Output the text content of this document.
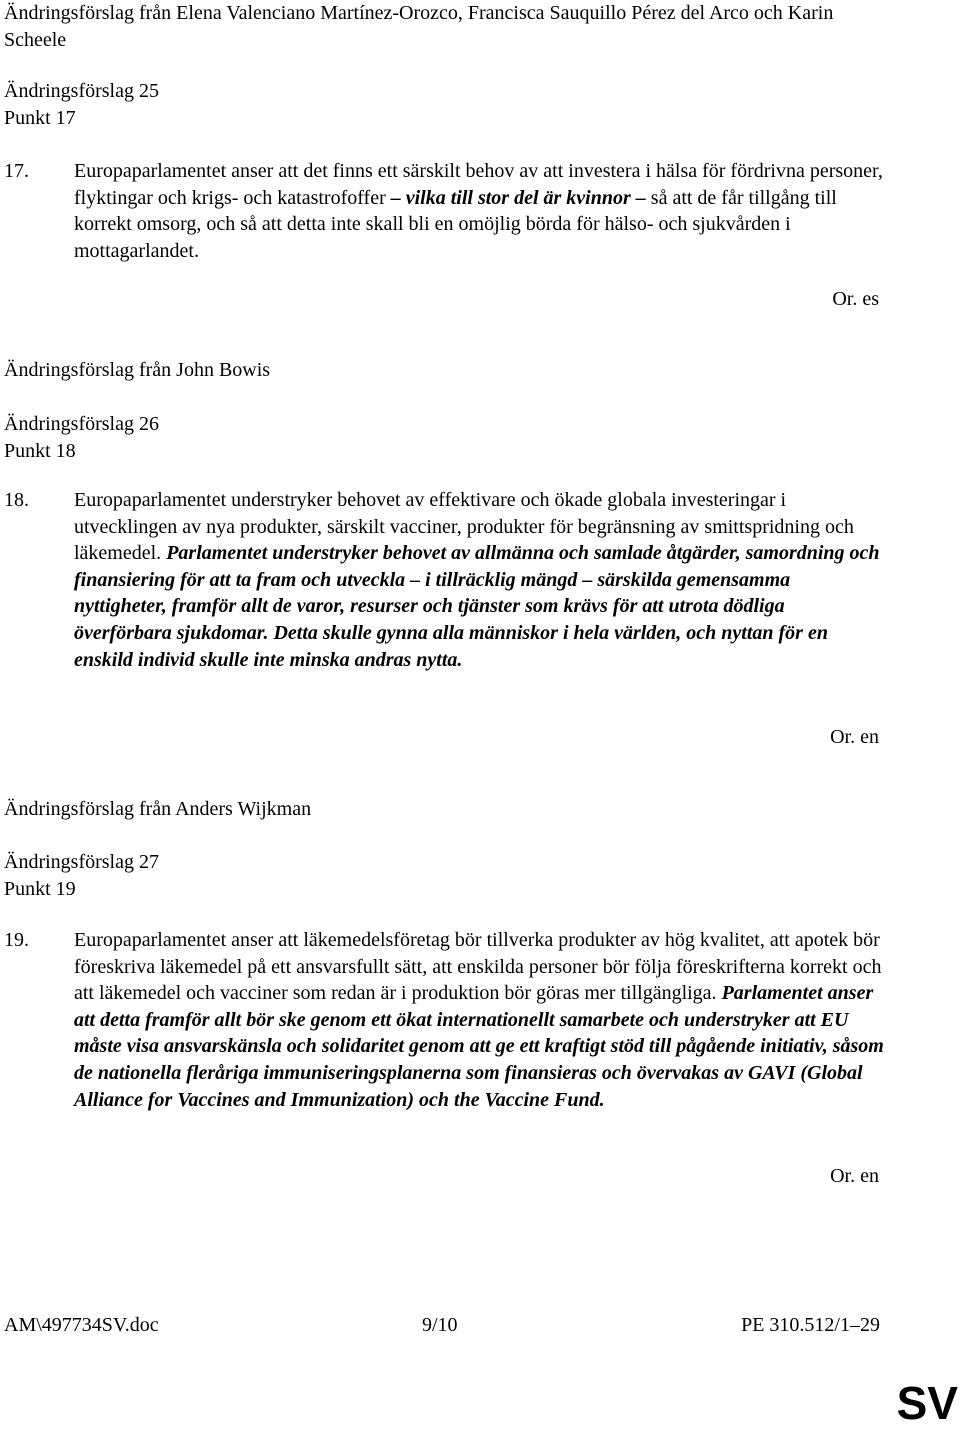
Ändringsförslag från Elena Valenciano Martínez-Orozco, Francisca Sauquillo Pérez del Arco och Karin Scheele

Ändringsförslag 25

Punkt 17

17. Europaparlamentet anser att det finns ett särskilt behov av att investera i hälsa för fördrivna personer, flyktingar och krigs- och katastrofoffer – vilka till stor del är kvinnor – så att de får tillgång till korrekt omsorg, och så att detta inte skall bli en omöjlig börda för hälso- och sjukvården i mottagarlandet.

Or. es

Ändringsförslag från John Bowis

Ändringsförslag 26

Punkt 18

18. Europaparlamentet understryker behovet av effektivare och ökade globala investeringar i utvecklingen av nya produkter, särskilt vacciner, produkter för begränsning av smittspridning och läkemedel. Parlamentet understryker behovet av allmänna och samlade åtgärder, samordning och finansiering för att ta fram och utveckla – i tillräcklig mängd – särskilda gemensamma nyttigheter, framför allt de varor, resurser och tjänster som krävs för att utrota dödliga överförbara sjukdomar. Detta skulle gynna alla människor i hela världen, och nyttan för en enskild individ skulle inte minska andras nytta.

Or. en

Ändringsförslag från Anders Wijkman

Ändringsförslag 27

Punkt 19

19. Europaparlamentet anser att läkemedelsföretag bör tillverka produkter av hög kvalitet, att apotek bör föreskriva läkemedel på ett ansvarsfullt sätt, att enskilda personer bör följa föreskrifterna korrekt och att läkemedel och vacciner som redan är i produktion bör göras mer tillgängliga. Parlamentet anser att detta framför allt bör ske genom ett ökat internationellt samarbete och understryker att EU måste visa ansvarskänsla och solidaritet genom att ge ett kraftigt stöd till pågående initiativ, såsom de nationella fleråriga immuniseringsplanerna som finansieras och övervakas av GAVI (Global Alliance for Vaccines and Immunization) och the Vaccine Fund.

Or. en

AM\497734SV.doc	9/10	PE 310.512/1–29
SV
